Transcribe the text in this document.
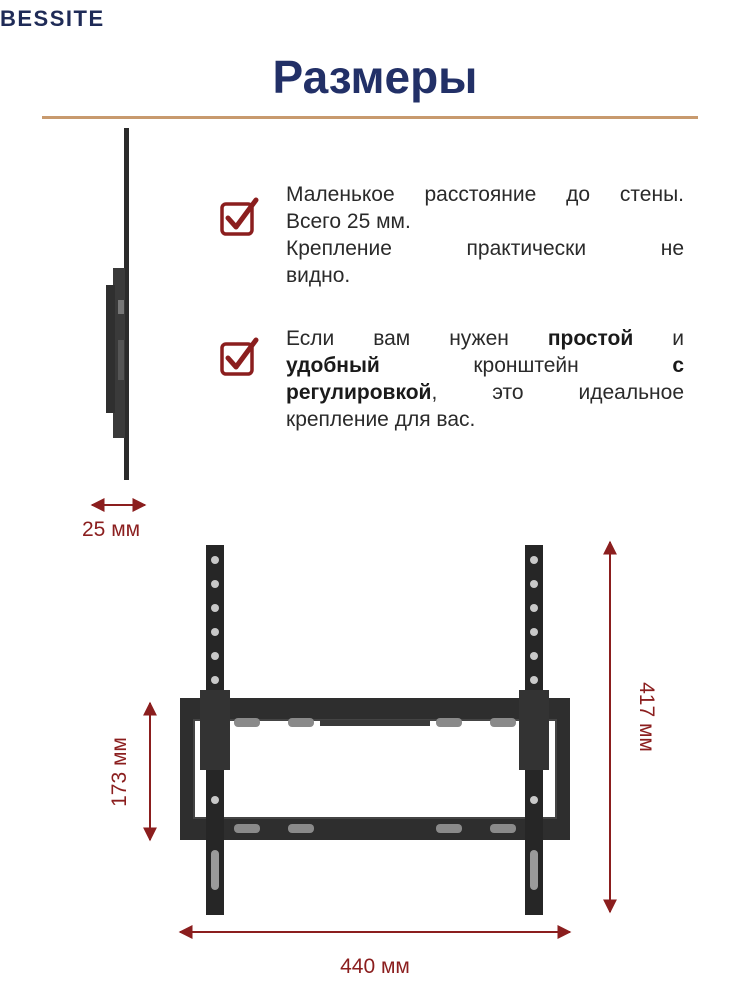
BESSITE
Размеры
Маленькое расстояние до стены.
Всего 25 мм.
Крепление практически не
видно.
Если вам нужен простой и
удобный кронштейн с
регулировкой, это идеальное
крепление для вас.
25 мм
173 мм
417 мм
440 мм
